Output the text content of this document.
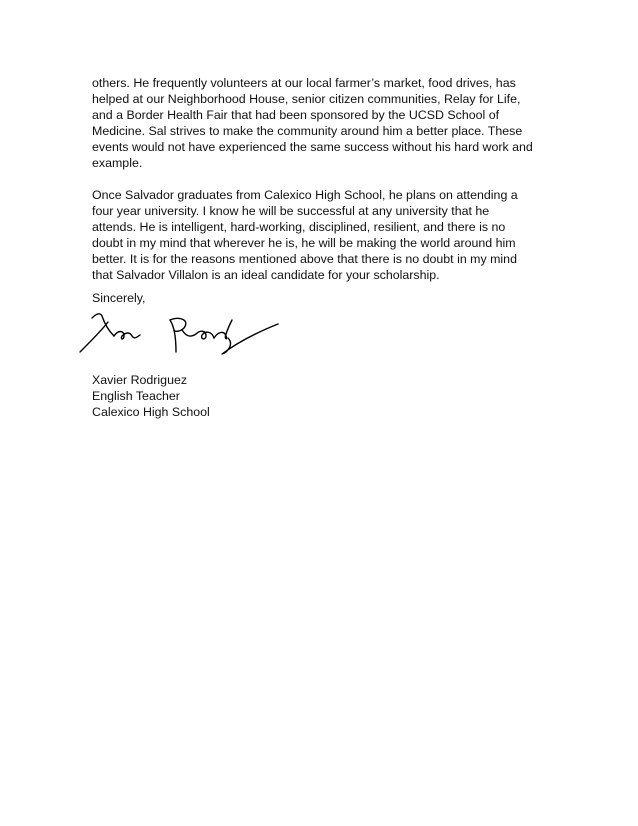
others. He frequently volunteers at our local farmer’s market, food drives, has
helped at our Neighborhood House, senior citizen communities, Relay for Life,
and a Border Health Fair that had been sponsored by the UCSD School of
Medicine. Sal strives to make the community around him a better place. These
events would not have experienced the same success without his hard work and
example.
Once Salvador graduates from Calexico High School, he plans on attending a
four year university. I know he will be successful at any university that he
attends. He is intelligent, hard-working, disciplined, resilient, and there is no
doubt in my mind that wherever he is, he will be making the world around him
better. It is for the reasons mentioned above that there is no doubt in my mind
that Salvador Villalon is an ideal candidate for your scholarship.
Sincerely,
Xavier Rodriguez
English Teacher
Calexico High School
